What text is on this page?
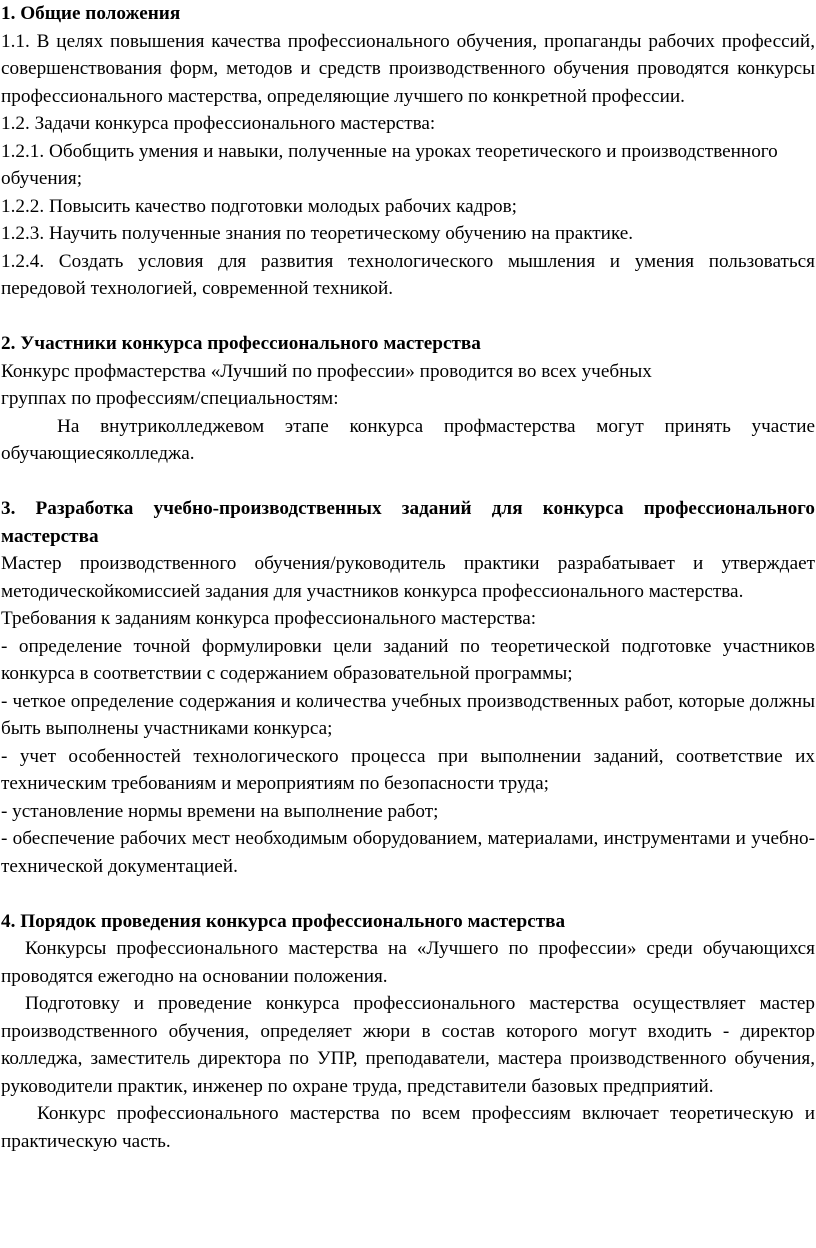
1. Общие положения

1.1. В целях повышения качества профессионального обучения, пропаганды рабочих профессий, совершенствования форм, методов и средств производственного обучения проводятся конкурсы профессионального мастерства, определяющие лучшего по конкретной профессии.

1.2. Задачи конкурса профессионального мастерства:

1.2.1. Обобщить умения и навыки, полученные на уроках теоретического и производственного

обучения;

1.2.2. Повысить качество подготовки молодых рабочих кадров;

1.2.3. Научить полученные знания по теоретическому обучению на практике.

1.2.4. Создать условия для развития технологического мышления и умения пользоваться передовой технологией, современной техникой.

2. Участники конкурса профессионального мастерства

Конкурс профмастерства «Лучший по профессии» проводится во всех учебных

группах по профессиям/специальностям:

На внутриколледжевом этапе конкурса профмастерства могут принять участие обучающиесяколледжа.

3. Разработка учебно-производственных заданий для конкурса профессионального мастерства

Мастер производственного обучения/руководитель практики разрабатывает и утверждает методическойкомиссией задания для участников конкурса профессионального мастерства.

Требования к заданиям конкурса профессионального мастерства:

- определение точной формулировки цели заданий по теоретической подготовке участников конкурса в соответствии с содержанием образовательной программы;

- четкое определение содержания и количества учебных производственных работ, которые должны быть выполнены участниками конкурса;

- учет особенностей технологического процесса при выполнении заданий, соответствие их техническим требованиям и мероприятиям по безопасности труда;

- установление нормы времени на выполнение работ;

- обеспечение рабочих мест необходимым оборудованием, материалами, инструментами и учебно-технической документацией.

4. Порядок проведения конкурса профессионального мастерства

Конкурсы профессионального мастерства на «Лучшего по профессии» среди обучающихся проводятся ежегодно на основании положения.

Подготовку и проведение конкурса профессионального мастерства осуществляет мастер производственного обучения, определяет жюри в состав которого могут входить - директор колледжа, заместитель директора по УПР, преподаватели, мастера производственного обучения, руководители практик, инженер по охране труда, представители базовых предприятий.

Конкурс профессионального мастерства по всем профессиям включает теоретическую и практическую часть.
